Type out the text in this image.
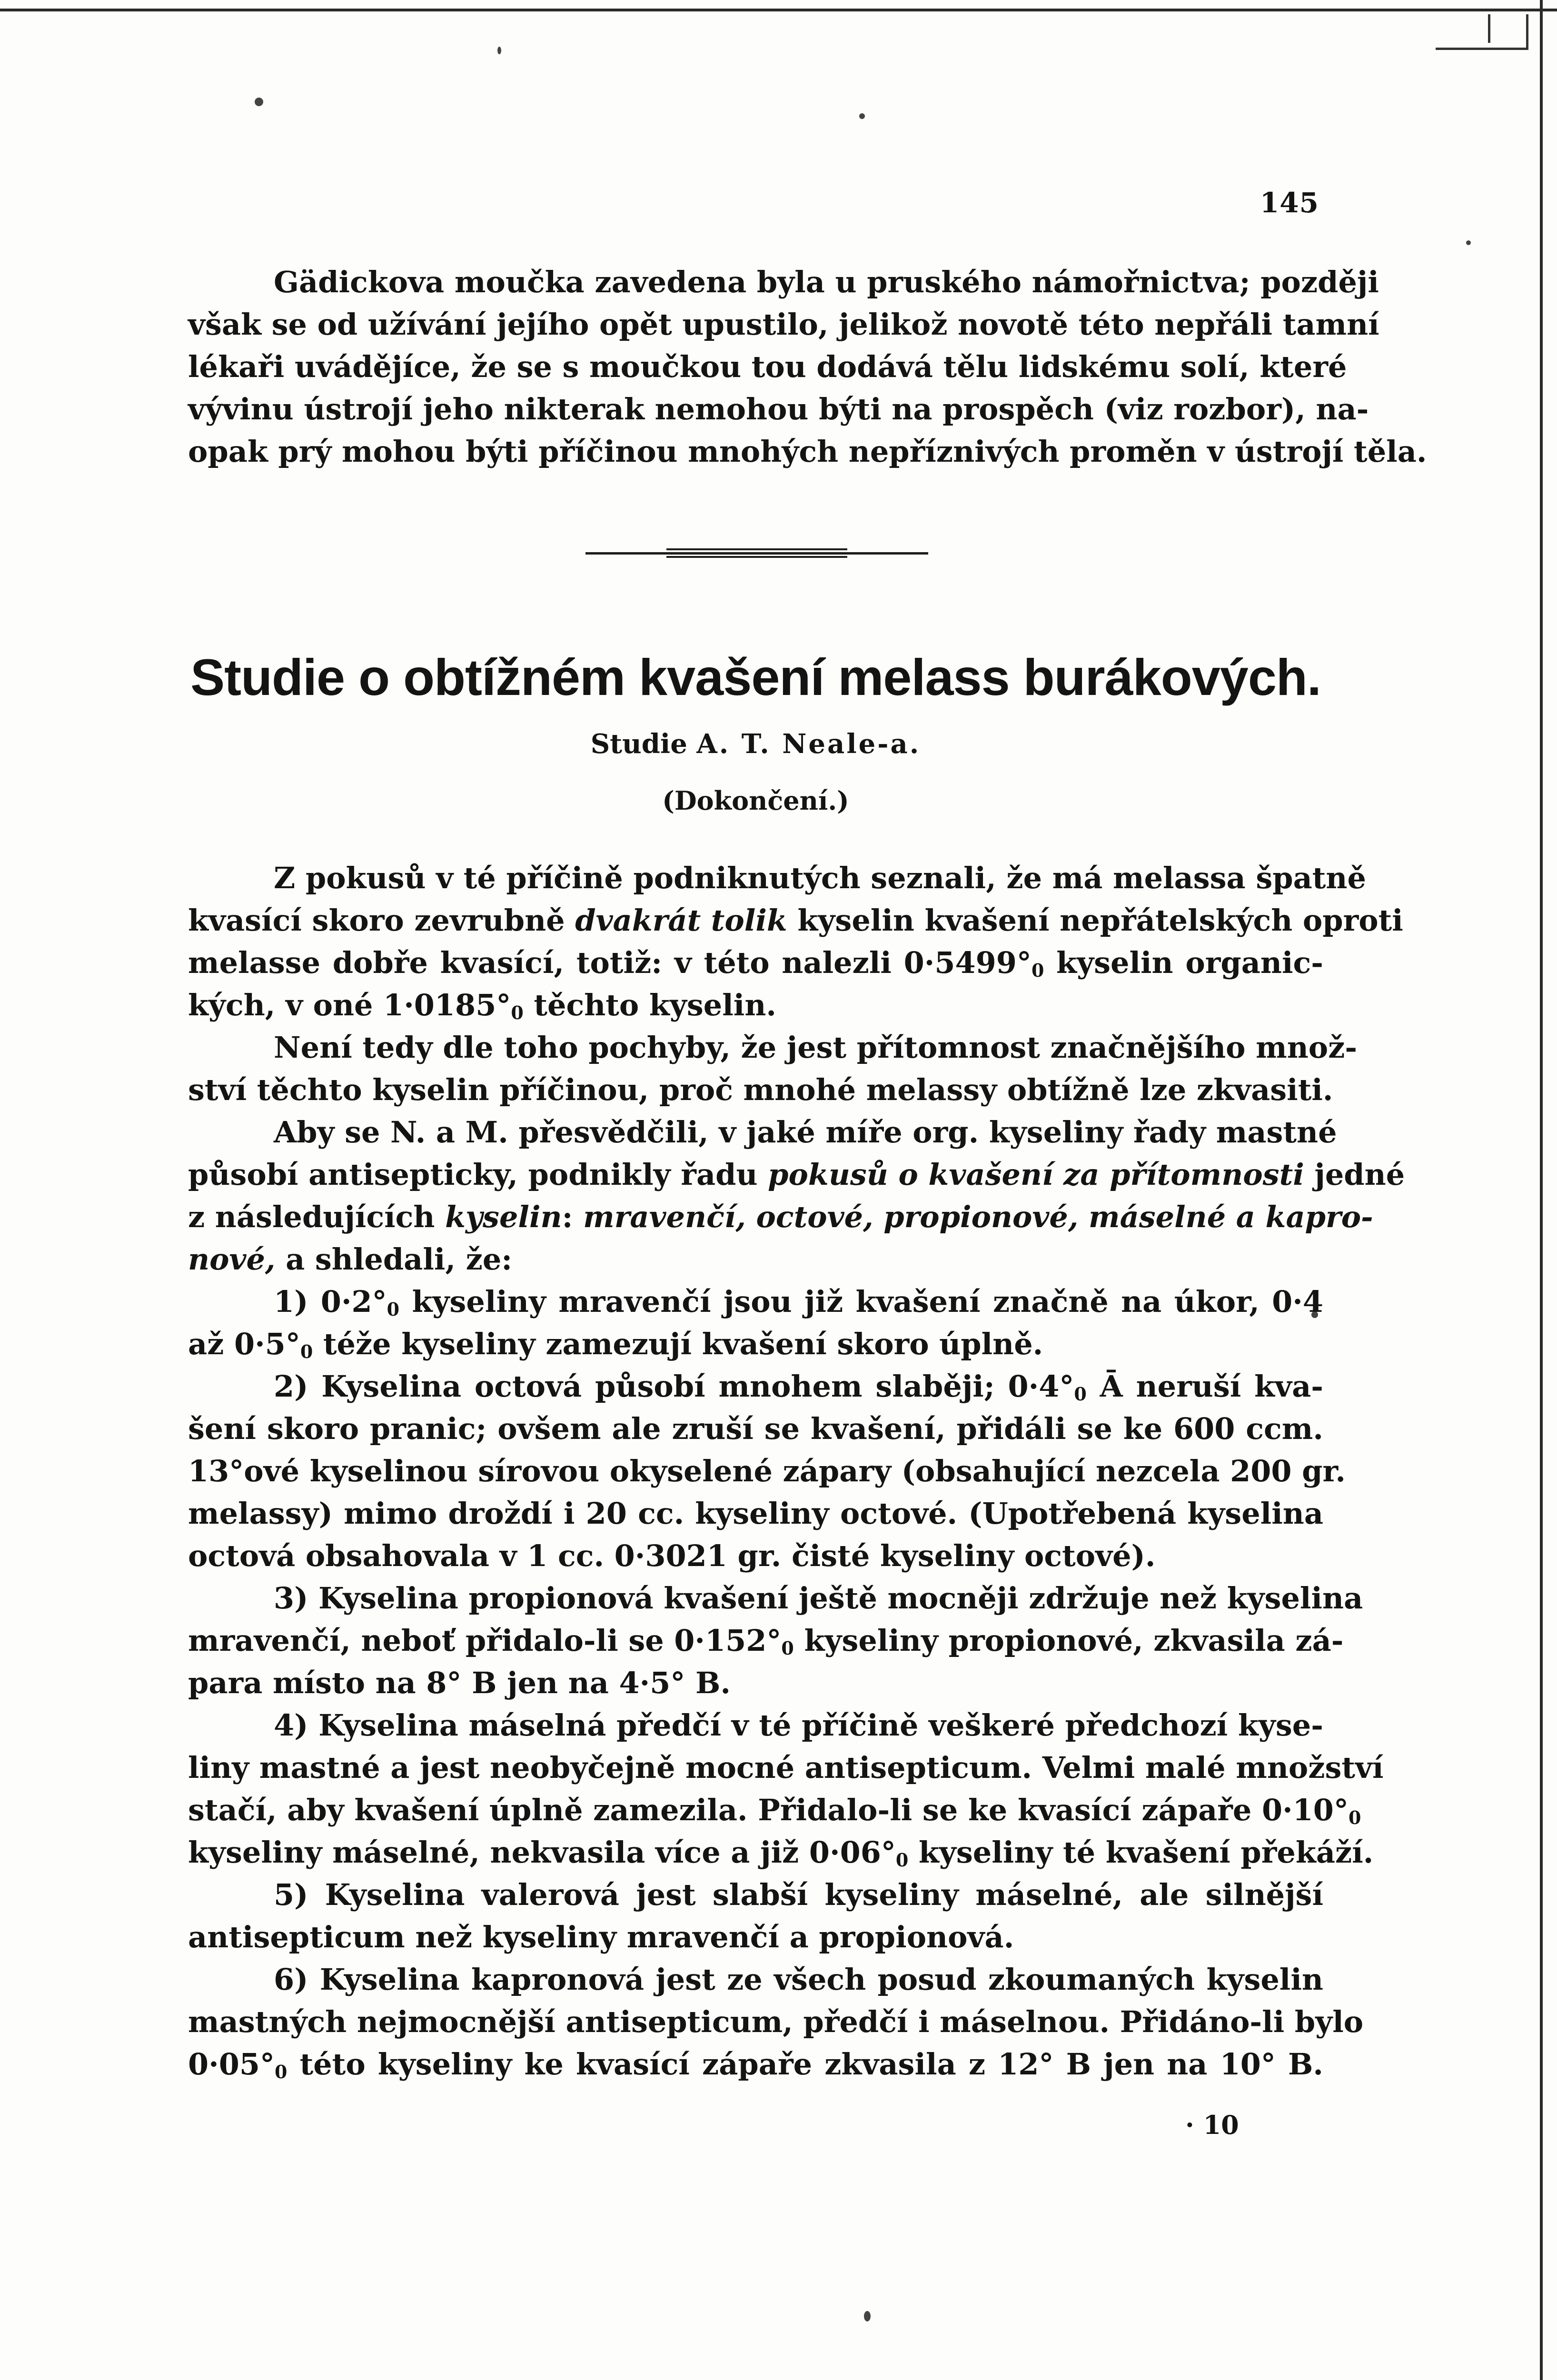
145
Gädickova moučka zavedena byla u pruského námořnictva; později
však se od užívání jejího opět upustilo, jelikož novotě této nepřáli tamní
lékaři uvádějíce, že se s moučkou tou dodává tělu lidskému solí, které
vývinu ústrojí jeho nikterak nemohou býti na prospěch (viz rozbor), na-
opak prý mohou býti příčinou mnohých nepříznivých proměn v ústrojí těla.
Studie o obtížném kvašení melass burákových.
Studie A. T. Neale-a.
(Dokončení.)
Z pokusů v té příčině podniknutých seznali, že má melassa špatně
kvasící skoro zevrubně dvakrát tolik kyselin kvašení nepřátelských oproti
melasse dobře kvasící, totiž: v této nalezli $0\cdot 5499^\circ_0$ kyselin organic-
kých, v oné $1\cdot 0185^\circ_0$ těchto kyselin.
Není tedy dle toho pochyby, že jest přítomnost značnějšího množ-
ství těchto kyselin příčinou, proč mnohé melassy obtížně lze zkvasiti.
Aby se N. a M. přesvědčili, v jaké míře org. kyseliny řady mastné
působí antisepticky, podnikly řadu pokusů o kvašení za přítomnosti jedné
z následujících kyselin: mravenčí, octové, propionové, máselné a kapro-
nové, a shledali, že:
1) $0\cdot 2^\circ_0$ kyseliny mravenčí jsou již kvašení značně na úkor, 0·4
až $0\cdot 5^\circ_0$ téže kyseliny zamezují kvašení skoro úplně.
2) Kyselina octová působí mnohem slaběji; $0\cdot 4^\circ_0$ Ā neruší kva-
šení skoro pranic; ovšem ale zruší se kvašení, přidáli se ke 600 ccm.
13°ové kyselinou sírovou okyselené zápary (obsahující nezcela 200 gr.
melassy) mimo droždí i 20 cc. kyseliny octové. (Upotřebená kyselina
octová obsahovala v 1 cc. 0·3021 gr. čisté kyseliny octové).
3) Kyselina propionová kvašení ještě mocněji zdržuje než kyselina
mravenčí, neboť přidalo-li se $0\cdot 152^\circ_0$ kyseliny propionové, zkvasila zá-
para místo na 8° B jen na 4·5° B.
4) Kyselina máselná předčí v té příčině veškeré předchozí kyse-
liny mastné a jest neobyčejně mocné antisepticum. Velmi malé množství
stačí, aby kvašení úplně zamezila. Přidalo-li se ke kvasící zápaře $0\cdot 10^\circ_0$
kyseliny máselné, nekvasila více a již $0\cdot 06^\circ_0$ kyseliny té kvašení překáží.
5) Kyselina valerová jest slabší kyseliny máselné, ale silnější
antisepticum než kyseliny mravenčí a propionová.
6) Kyselina kapronová jest ze všech posud zkoumaných kyselin
mastných nejmocnější antisepticum, předčí i máselnou. Přidáno-li bylo
$0\cdot 05^\circ_0$ této kyseliny ke kvasící zápaře zkvasila z 12° B jen na 10° B.
· 10
